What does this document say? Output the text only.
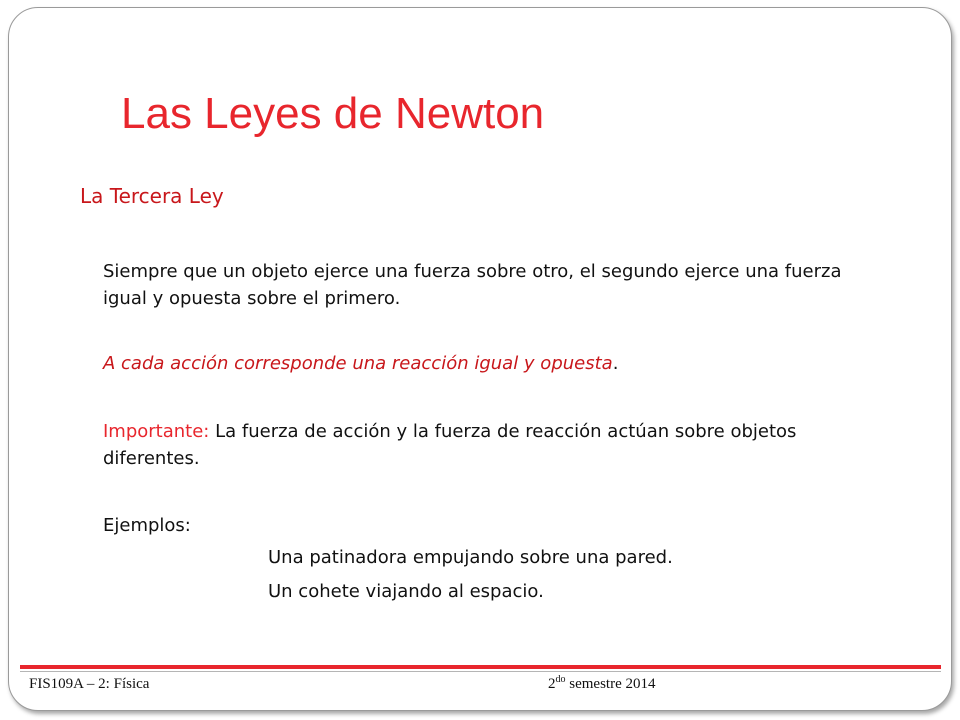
Las Leyes de Newton
La Tercera Ley

Siempre que un objeto ejerce una fuerza sobre otro, el segundo ejerce una fuerza igual y opuesta sobre el primero.

A cada acción corresponde una reacción igual y opuesta.

Importante: La fuerza de acción y la fuerza de reacción actúan sobre objetos diferentes.

Ejemplos:

Una patinadora empujando sobre una pared.
Un cohete viajando al espacio.
FIS109A – 2: Física	$2^{do}$ semestre 2014
